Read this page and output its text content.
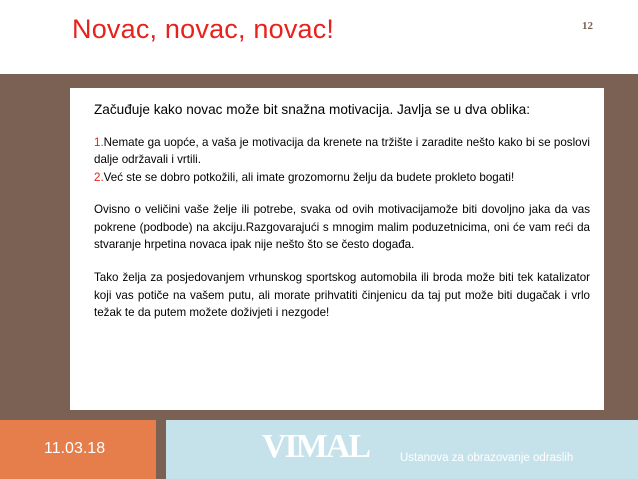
Novac, novac, novac!	12

Začuđuje kako novac može bit snažna motivacija. Javlja se u dva oblika:

1.Nemate ga uopće, a vaša je motivacija da krenete na tržište i zaradite nešto kako bi se poslovi dalje održavali i vrtili.

2.Već ste se dobro potkožili, ali imate grozomornu želju da budete prokleto bogati!

Ovisno o veličini vaše želje ili potrebe, svaka od ovih motivacijamože biti dovoljno jaka da vas pokrene (podbode) na akciju.Razgovarajući s mnogim malim poduzetnicima, oni će vam reći da stvaranje hrpetina novaca ipak nije nešto što se često događa.

Tako želja za posjedovanjem vrhunskog sportskog automobila ili broda može biti tek katalizator koji vas potiče na vašem putu, ali morate prihvatiti činjenicu da taj put može biti dugačak i vrlo težak te da putem možete doživjeti i nezgode!

11.03.18	VIMAL	Ustanova za obrazovanje odraslih
